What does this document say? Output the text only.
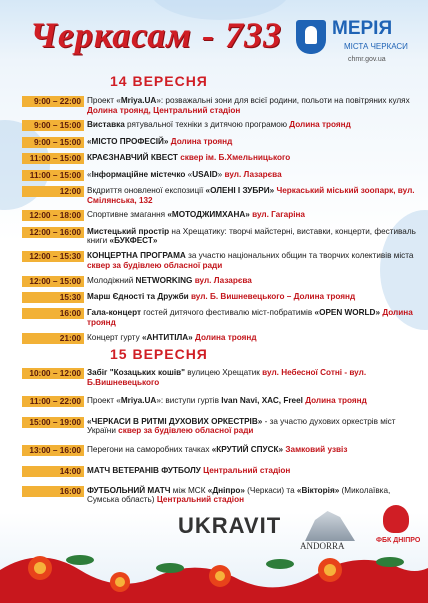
Черкасам - 733	МЕРІЯ
МІСТА ЧЕРКАСИ
chmr.gov.ua
14 ВЕРЕСНЯ
9:00 – 22:00 Проект «Mriya.UA»: розважальні зони для всієї родини, польоти на повітряних кулях Долина троянд, Центральний стадіон
9:00 – 15:00 Виставка рятувальної техніки з дитячою програмою Долина троянд
9:00 – 15:00 «МІСТО ПРОФЕСІЙ» Долина троянд
11:00 – 15:00 КРАЄЗНАВЧИЙ КВЕСТ сквер ім. Б.Хмельницького
11:00 – 15:00 «Інформаційне містечко «USAID» вул. Лазарєва
12:00 Вкдриття оновленої експозиції «ОЛЕНІ І ЗУБРИ» Черкаський міський зоопарк, вул. Смілянська, 132
12:00 – 18:00 Спортивне змагання «МОТОДЖИМХАНА» вул. Гагаріна
12:00 – 16:00 Мистецький простір на Хрещатику: творчі майстерні, виставки, концерти, фестиваль книги «БУКФЕСТ»
12:00 – 15:30 КОНЦЕРТНА ПРОГРАМА за участю національних общин та творчих колективів міста сквер за будівлею обласної ради
12:00 – 15:00 Молодіжний NETWORKING вул. Лазарєва
15:30 Марш Єдності та Дружби вул. Б. Вишневецького – Долина троянд
16:00 Гала-концерт гостей дитячого фестивалю міст-побратимів «OPEN WORLD» Долина троянд
21:00 Концерт гурту «АНТИТІЛА» Долина троянд
15 ВЕРЕСНЯ
10:00 – 12:00 Забіг "Козацьких кошів" вулицею Хрещатик вул. Небесної Сотні - вул. Б.Вишневецького
11:00 – 22:00 Проект «Mriya.UA»: виступи гуртів Ivan Navi, ХАС, Freel Долина троянд
15:00 – 19:00 «ЧЕРКАСИ В РИТМІ ДУХОВИХ ОРКЕСТРІВ» - за участю духових оркестрів міст України сквер за будівлею обласної ради
13:00 – 16:00 Перегони на саморобних тачках «КРУТИЙ СПУСК» Замковий узвіз
14:00 МАТЧ ВЕТЕРАНІВ ФУТБОЛУ Центральний стадіон
16:00 ФУТБОЛЬНИЙ МАТЧ між МСК «Дніпро» (Черкаси) та «Вікторія» (Миколаївка, Сумська область) Центральний стадіон
UKRAVIT
ANDORRA
ФБК ДНІПРО
